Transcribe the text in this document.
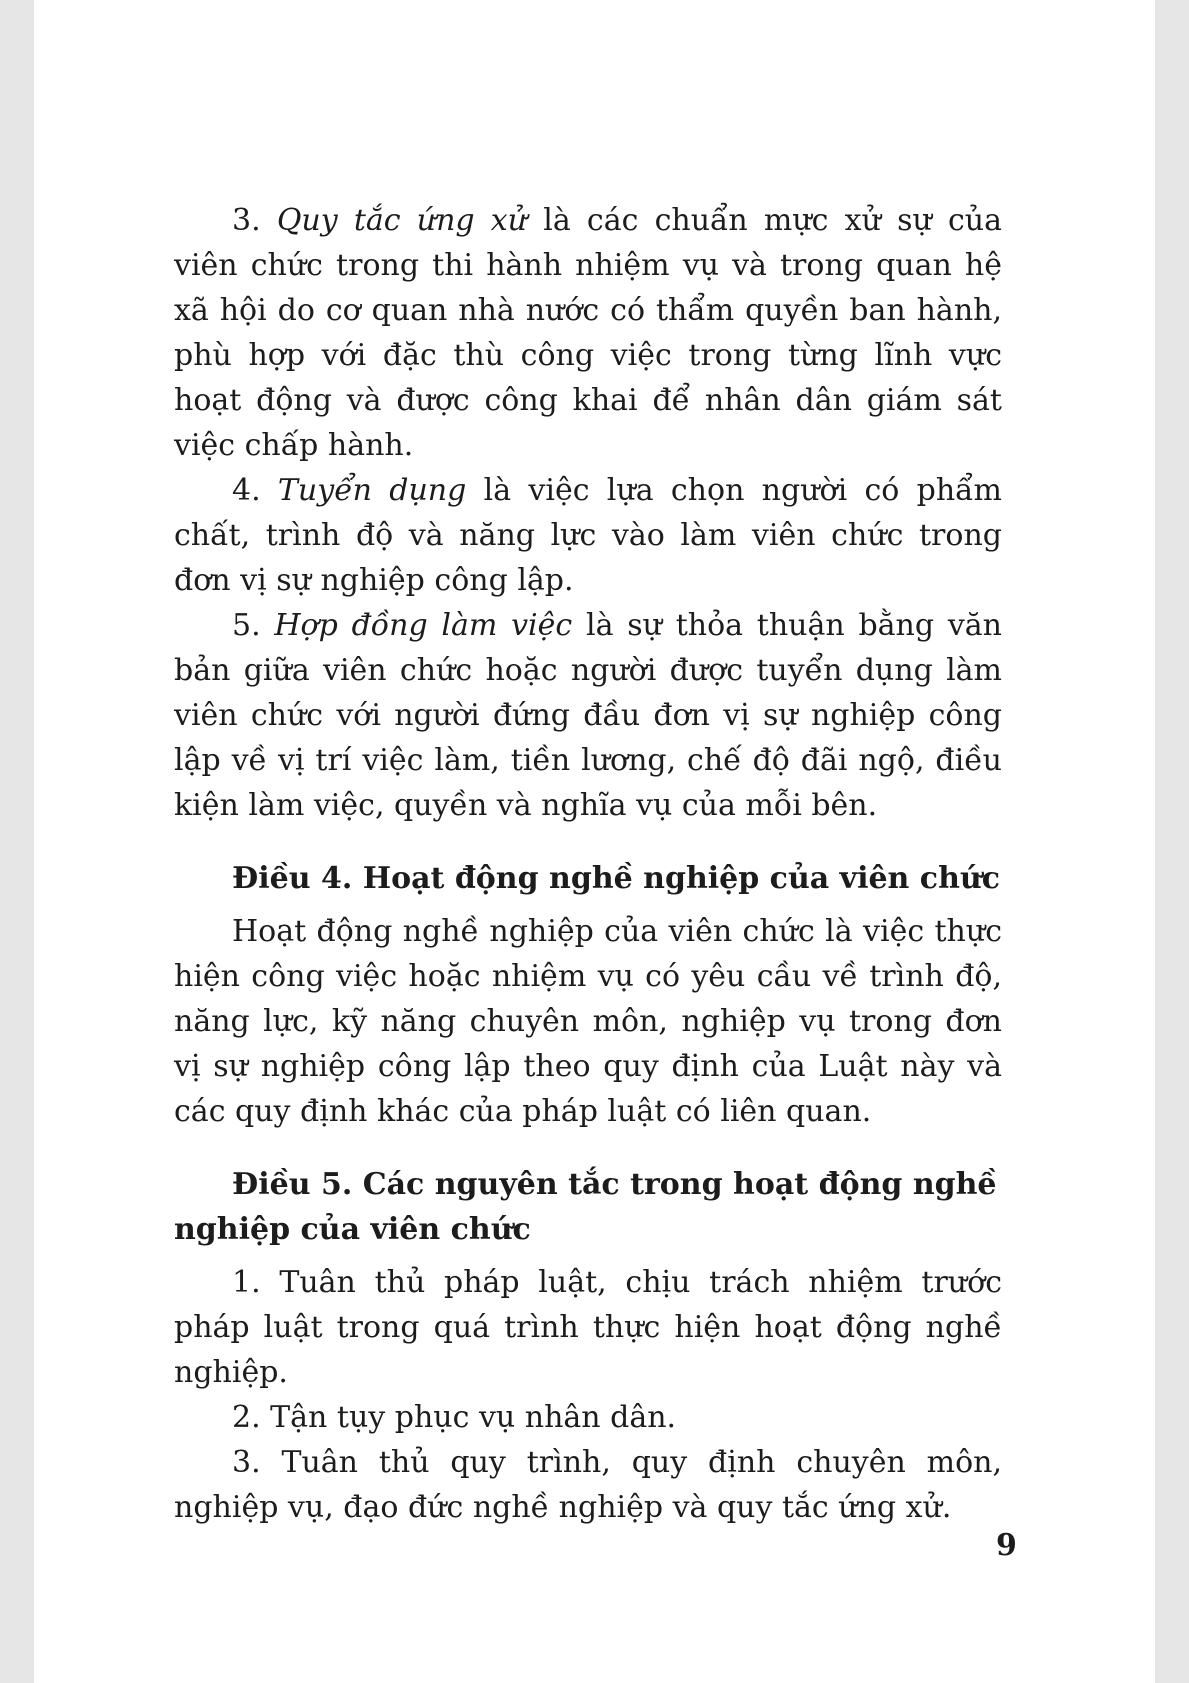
3. Quy tắc ứng xử là các chuẩn mực xử sự của viên chức trong thi hành nhiệm vụ và trong quan hệ xã hội do cơ quan nhà nước có thẩm quyền ban hành, phù hợp với đặc thù công việc trong từng lĩnh vực hoạt động và được công khai để nhân dân giám sát việc chấp hành.

4. Tuyển dụng là việc lựa chọn người có phẩm chất, trình độ và năng lực vào làm viên chức trong đơn vị sự nghiệp công lập.

5. Hợp đồng làm việc là sự thỏa thuận bằng văn bản giữa viên chức hoặc người được tuyển dụng làm viên chức với người đứng đầu đơn vị sự nghiệp công lập về vị trí việc làm, tiền lương, chế độ đãi ngộ, điều kiện làm việc, quyền và nghĩa vụ của mỗi bên.

Điều 4. Hoạt động nghề nghiệp của viên chức

Hoạt động nghề nghiệp của viên chức là việc thực hiện công việc hoặc nhiệm vụ có yêu cầu về trình độ, năng lực, kỹ năng chuyên môn, nghiệp vụ trong đơn vị sự nghiệp công lập theo quy định của Luật này và các quy định khác của pháp luật có liên quan.

Điều 5. Các nguyên tắc trong hoạt động nghề nghiệp của viên chức

1. Tuân thủ pháp luật, chịu trách nhiệm trước pháp luật trong quá trình thực hiện hoạt động nghề nghiệp.

2. Tận tụy phục vụ nhân dân.

3. Tuân thủ quy trình, quy định chuyên môn, nghiệp vụ, đạo đức nghề nghiệp và quy tắc ứng xử.

9
